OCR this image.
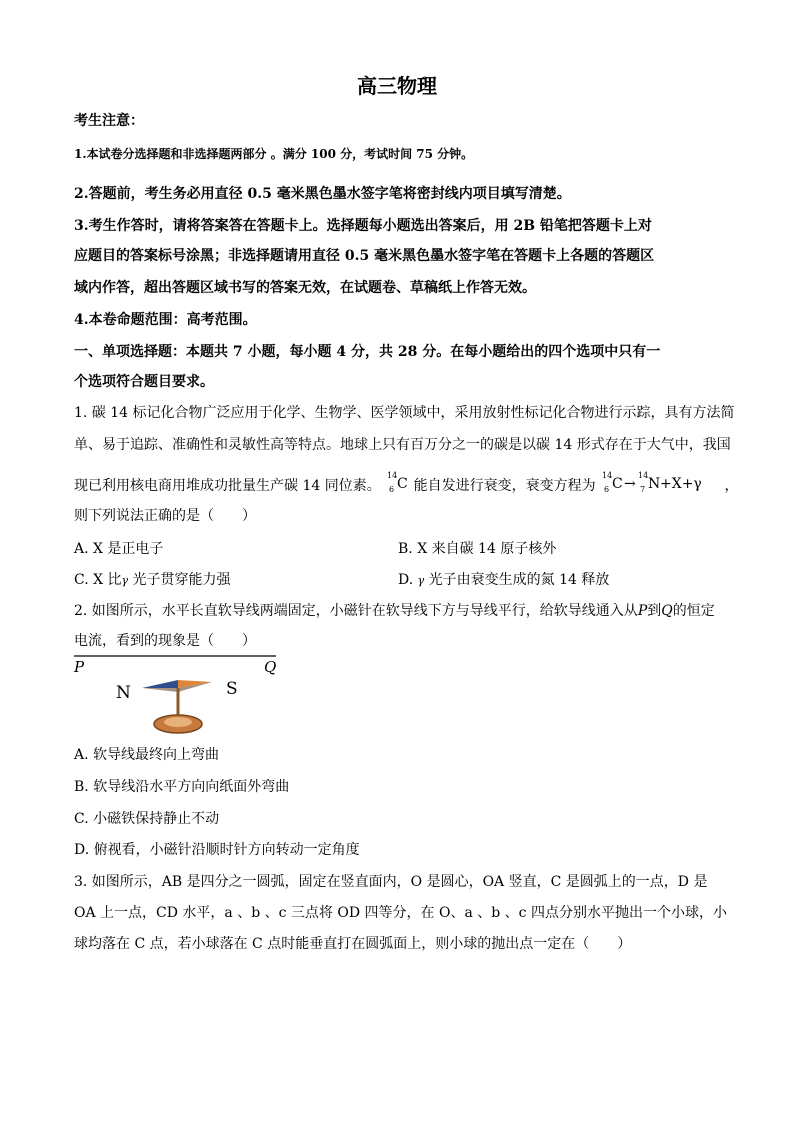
高三物理
考生注意：
1.本试卷分选择题和非选择题两部分 。满分 100 分，考试时间 75 分钟。
2.答题前，考生务必用直径 0.5 毫米黑色墨水签字笔将密封线内项目填写清楚。
3.考生作答时，请将答案答在答题卡上。选择题每小题选出答案后，用 2B 铅笔把答题卡上对
应题目的答案标号涂黑；非选择题请用直径 0.5 毫米黑色墨水签字笔在答题卡上各题的答题区
域内作答，超出答题区域书写的答案无效，在试题卷、草稿纸上作答无效。
4.本卷命题范围：高考范围。
一、单项选择题：本题共 7 小题，每小题 4 分，共 28 分。在每小题给出的四个选项中只有一
个选项符合题目要求。
1. 碳 14 标记化合物广泛应用于化学、生物学、医学领域中，采用放射性标记化合物进行示踪，具有方法简
单、易于追踪、准确性和灵敏性高等特点。地球上只有百万分之一的碳是以碳 14 形式存在于大气中，我国
现已利用核电商用堆成功批量生产碳 14 同位素。
14
6 C 能自发进行衰变，衰变方程为
14
6 C →
14
7 N +X+γ ，
则下列说法正确的是（　　）
A. X 是正电子	B. X 来自碳 14 原子核外
C. X 比γ 光子贯穿能力强	D. γ 光子由衰变生成的氮 14 释放
2. 如图所示，水平长直软导线两端固定，小磁针在软导线下方与导线平行，给软导线通入从P到Q的恒定
电流，看到的现象是（　　）
P	Q
N	S
A. 软导线最终向上弯曲
B. 软导线沿水平方向向纸面外弯曲
C. 小磁铁保持静止不动
D. 俯视看，小磁针沿顺时针方向转动一定角度
3. 如图所示，AB 是四分之一圆弧，固定在竖直面内，O 是圆心，OA 竖直，C 是圆弧上的一点，D 是
OA 上一点，CD 水平，a 、b 、c 三点将 OD 四等分，在 O、a 、b 、c 四点分别水平抛出一个小球，小
球均落在 C 点，若小球落在 C 点时能垂直打在圆弧面上，则小球的抛出点一定在（　　）
